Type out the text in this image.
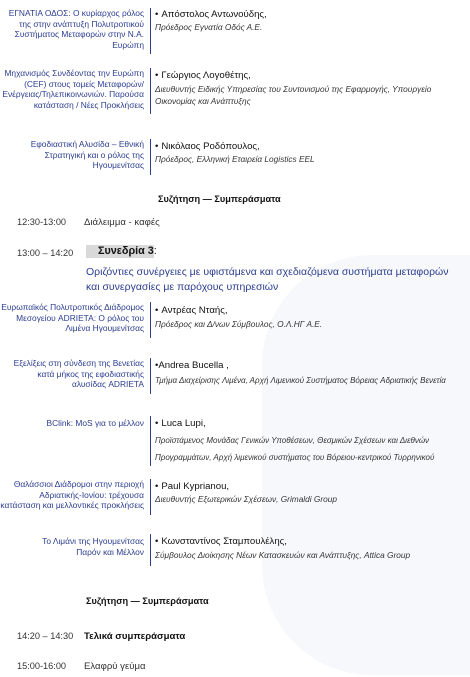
ΕΓΝΑΤΙΑ ΟΔΟΣ: Ο κυρίαρχος ρόλος
της στην ανάπτυξη Πολυτροπικού
Συστήματος Μεταφορών στην Ν.Α.
Ευρώπη
• Απόστολος Αντωνούδης,
Πρόεδρος Εγνατία Οδός Α.Ε.
Μηχανισμός Συνδέοντας την Ευρώπη
(CEF) στους τομείς Μεταφορών/
Ενέργειας/Τηλεπικοινωνιών. Παρούσα
κατάσταση / Νέες Προκλήσεις
• Γεώργιος Λογοθέτης,
Διευθυντής Ειδικής Υπηρεσίας του Συντονισμού της Εφαρμογής, Υπουργείο
Οικονομίας και Ανάπτυξης
Εφοδιαστική Αλυσίδα – Εθνική
Στρατηγική και ο ρόλος της
Ηγουμενίτσας
• Νικόλαος Ροδόπουλος,
Πρόεδρος, Ελληνική Εταιρεία Logistics ΕΕL
Συζήτηση — Συμπεράσματα
12:30-13:00 Διάλειμμα - καφές
13:00 – 14:20 Συνεδρία 3:
Οριζόντιες συνέργειες με υφιστάμενα και σχεδιαζόμενα συστήματα μεταφορών
και συνεργασίες με παρόχους υπηρεσιών
Ευρωπαϊκός Πολυτροπικός Διάδρομος
Μεσογείου ADRIETA: Ο ρόλος του
Λιμένα Ηγουμενίτσας
• Αντρέας Νταής,
Πρόεδρος και Δ/νων Σύμβουλος, Ο.Λ.ΗΓ Α.Ε.
Εξελίξεις στη σύνδεση της Βενετίας
κατά μήκος της εφοδιαστικής
αλυσίδας ADRIETA
•Andrea Bucella ,
Τμήμα Διαχείρισης Λιμένα, Αρχή Λιμενικού Συστήματος Βόρειας Αδριατικής Βενετία
BClink: MoS για το μέλλον • Luca Lupi,
Προϊστάμενος Μονάδας Γενικών Υποθέσεων, Θεσμικών Σχέσεων και Διεθνών
Προγραμμάτων, Αρχή λιμενικού συστήματος του Βόρειου-κεντρικού Τυρρηνικού
Θαλάσσιοι Διάδρομοι στην περιοχή
Αδριατικής-Ιονίου: τρέχουσα
κατάσταση και μελλοντικές προκλήσεις
• Paul Kyprianou,
Διευθυντής Εξωτερικών Σχέσεων, Grimaldi Group
Το Λιμάνι της Ηγουμενίτσας
Παρόν και Μέλλον
• Κωνσταντίνος Σταμπουλέλης,
Σύμβουλος Διοίκησης Νέων Κατασκευών και Ανάπτυξης, Attica Group
Συζήτηση — Συμπεράσματα
14:20 – 14:30 Τελικά συμπεράσματα
15:00-16:00 Ελαφρύ γεύμα
